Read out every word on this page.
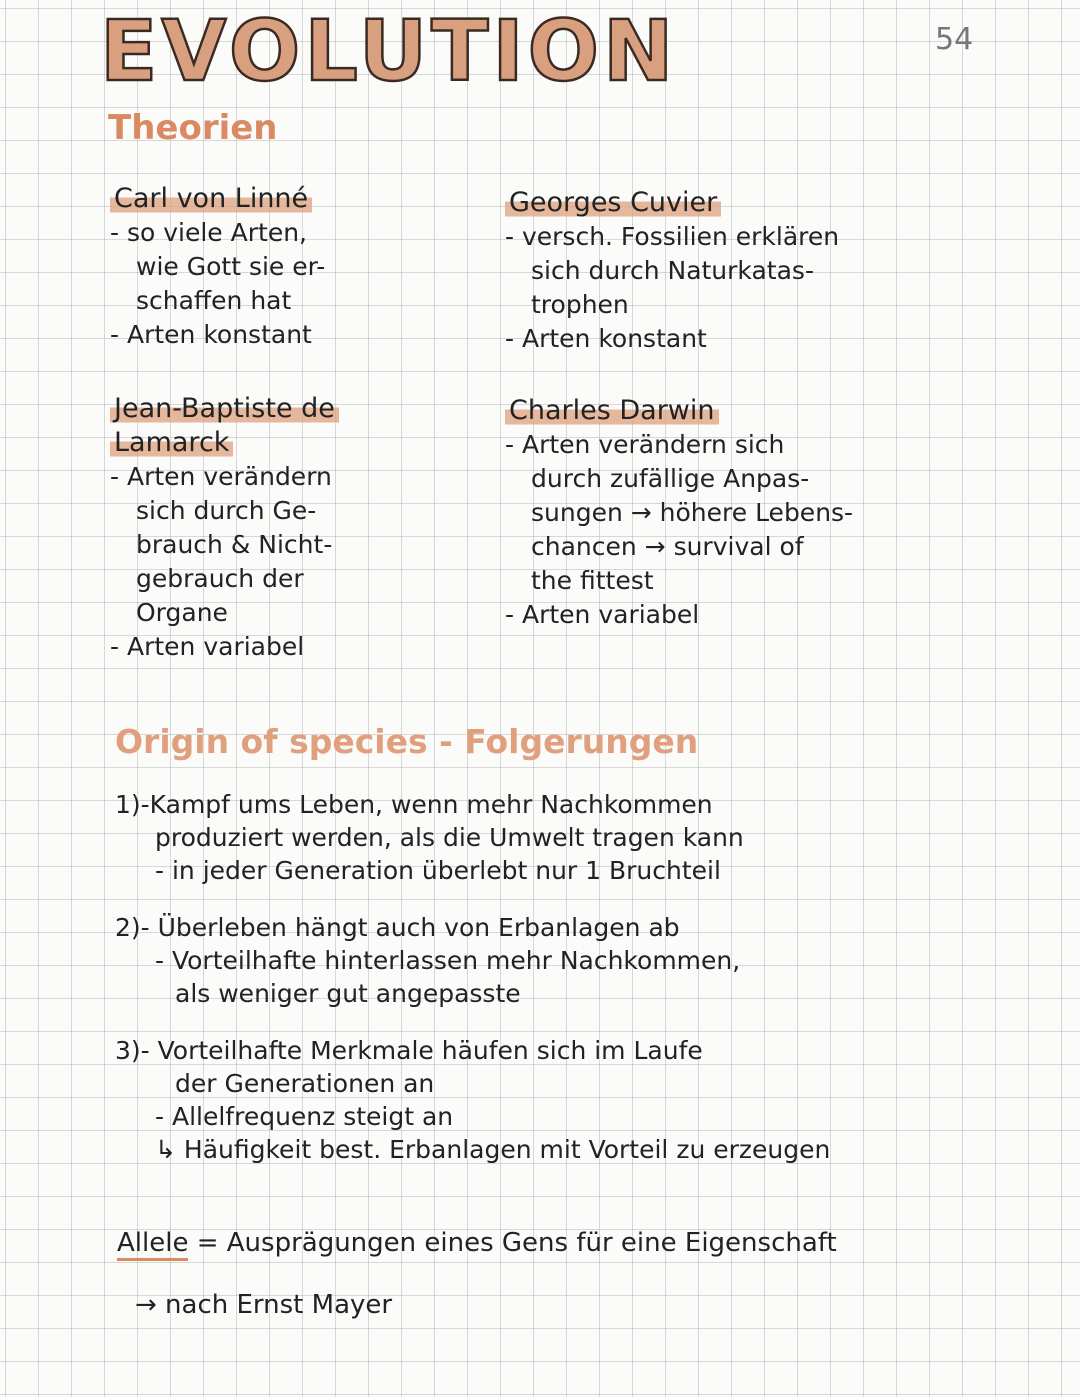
EVOLUTION	54
Theorien
Carl von Linné
- so viele Arten,
wie Gott sie er-
schaffen hat
- Arten konstant
Georges Cuvier
- versch. Fossilien erklären
sich durch Naturkatas-
trophen
- Arten konstant
Jean-Baptiste de
Lamarck
- Arten verändern
sich durch Ge-
brauch & Nicht-
gebrauch der
Organe
- Arten variabel
Charles Darwin
- Arten verändern sich
durch zufällige Anpas-
sungen → höhere Lebens-
chancen → survival of
the fittest
- Arten variabel
Origin of species - Folgerungen
1)-Kampf ums Leben, wenn mehr Nachkommen
produziert werden, als die Umwelt tragen kann
- in jeder Generation überlebt nur 1 Bruchteil
2)- Überleben hängt auch von Erbanlagen ab
- Vorteilhafte hinterlassen mehr Nachkommen,
als weniger gut angepasste
3)- Vorteilhafte Merkmale häufen sich im Laufe
der Generationen an
- Allelfrequenz steigt an
↳ Häufigkeit best. Erbanlagen mit Vorteil zu erzeugen
Allele = Ausprägungen eines Gens für eine Eigenschaft
→ nach Ernst Mayer
